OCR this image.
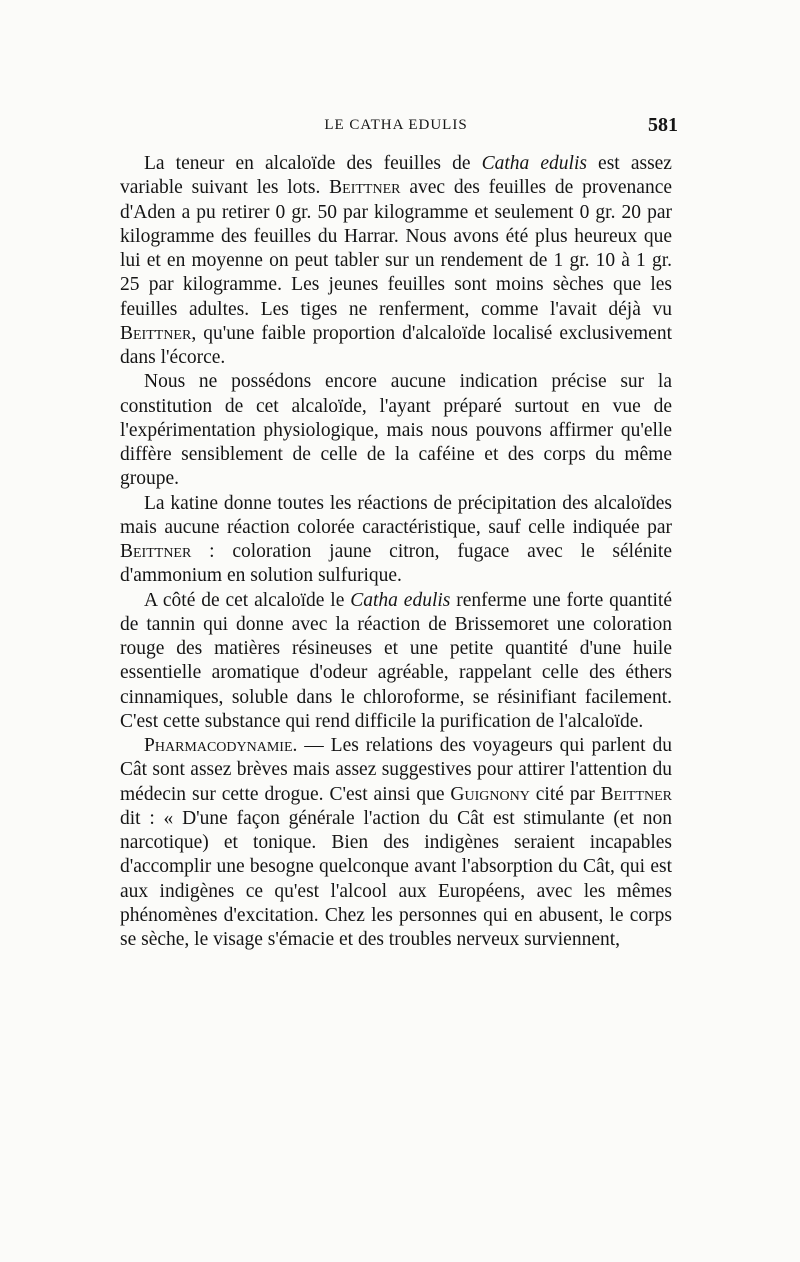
LE CATHA EDULIS	581

La teneur en alcaloïde des feuilles de Catha edulis est assez variable suivant les lots. Beittner avec des feuilles de provenance d'Aden a pu retirer 0 gr. 50 par kilogramme et seulement 0 gr. 20 par kilogramme des feuilles du Harrar. Nous avons été plus heureux que lui et en moyenne on peut tabler sur un rendement de 1 gr. 10 à 1 gr. 25 par kilogramme. Les jeunes feuilles sont moins sèches que les feuilles adultes. Les tiges ne renferment, comme l'avait déjà vu Beittner, qu'une faible proportion d'alcaloïde localisé exclusivement dans l'écorce.

Nous ne possédons encore aucune indication précise sur la constitution de cet alcaloïde, l'ayant préparé surtout en vue de l'expérimentation physiologique, mais nous pouvons affirmer qu'elle diffère sensiblement de celle de la caféine et des corps du même groupe.

La katine donne toutes les réactions de précipitation des alcaloïdes mais aucune réaction colorée caractéristique, sauf celle indiquée par Beittner : coloration jaune citron, fugace avec le sélénite d'ammonium en solution sulfurique.

A côté de cet alcaloïde le Catha edulis renferme une forte quantité de tannin qui donne avec la réaction de Brissemoret une coloration rouge des matières résineuses et une petite quantité d'une huile essentielle aromatique d'odeur agréable, rappelant celle des éthers cinnamiques, soluble dans le chloroforme, se résinifiant facilement. C'est cette substance qui rend difficile la purification de l'alcaloïde.

Pharmacodynamie. — Les relations des voyageurs qui parlent du Cât sont assez brèves mais assez suggestives pour attirer l'attention du médecin sur cette drogue. C'est ainsi que Guignony cité par Beittner dit : « D'une façon générale l'action du Cât est stimulante (et non narcotique) et tonique. Bien des indigènes seraient incapables d'accomplir une besogne quelconque avant l'absorption du Cât, qui est aux indigènes ce qu'est l'alcool aux Européens, avec les mêmes phénomènes d'excitation. Chez les personnes qui en abusent, le corps se sèche, le visage s'émacie et des troubles nerveux surviennent,
